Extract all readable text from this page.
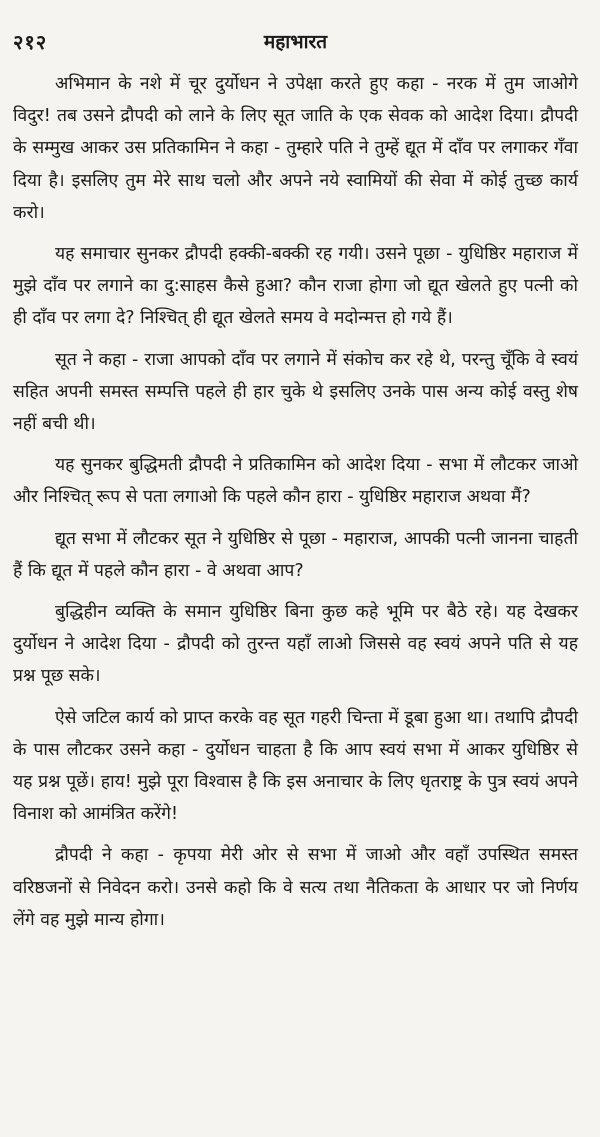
२१२	महाभारत

अभिमान के नशे में चूर दुर्योधन ने उपेक्षा करते हुए कहा - नरक में तुम जाओगे विदुर! तब उसने द्रौपदी को लाने के लिए सूत जाति के एक सेवक को आदेश दिया। द्रौपदी के सम्मुख आकर उस प्रतिकामिन ने कहा - तुम्हारे पति ने तुम्हें द्यूत में दाँव पर लगाकर गँवा दिया है। इसलिए तुम मेरे साथ चलो और अपने नये स्वामियों की सेवा में कोई तुच्छ कार्य करो।

यह समाचार सुनकर द्रौपदी हक्की-बक्की रह गयी। उसने पूछा - युधिष्ठिर महाराज में मुझे दाँव पर लगाने का दु:साहस कैसे हुआ? कौन राजा होगा जो द्यूत खेलते हुए पत्नी को ही दाँव पर लगा दे? निश्चित् ही द्यूत खेलते समय वे मदोन्मत्त हो गये हैं।

सूत ने कहा - राजा आपको दाँव पर लगाने में संकोच कर रहे थे, परन्तु चूँकि वे स्वयं सहित अपनी समस्त सम्पत्ति पहले ही हार चुके थे इसलिए उनके पास अन्य कोई वस्तु शेष नहीं बची थी।

यह सुनकर बुद्धिमती द्रौपदी ने प्रतिकामिन को आदेश दिया - सभा में लौटकर जाओ और निश्चित् रूप से पता लगाओ कि पहले कौन हारा - युधिष्ठिर महाराज अथवा मैं?

द्यूत सभा में लौटकर सूत ने युधिष्ठिर से पूछा - महाराज, आपकी पत्नी जानना चाहती हैं कि द्यूत में पहले कौन हारा - वे अथवा आप?

बुद्धिहीन व्यक्ति के समान युधिष्ठिर बिना कुछ कहे भूमि पर बैठे रहे। यह देखकर दुर्योधन ने आदेश दिया - द्रौपदी को तुरन्त यहाँ लाओ जिससे वह स्वयं अपने पति से यह प्रश्न पूछ सके।

ऐसे जटिल कार्य को प्राप्त करके वह सूत गहरी चिन्ता में डूबा हुआ था। तथापि द्रौपदी के पास लौटकर उसने कहा - दुर्योधन चाहता है कि आप स्वयं सभा में आकर युधिष्ठिर से यह प्रश्न पूछें। हाय! मुझे पूरा विश्वास है कि इस अनाचार के लिए धृतराष्ट्र के पुत्र स्वयं अपने विनाश को आमंत्रित करेंगे!

द्रौपदी ने कहा - कृपया मेरी ओर से सभा में जाओ और वहाँ उपस्थित समस्त वरिष्ठजनों से निवेदन करो। उनसे कहो कि वे सत्य तथा नैतिकता के आधार पर जो निर्णय लेंगे वह मुझे मान्य होगा।
